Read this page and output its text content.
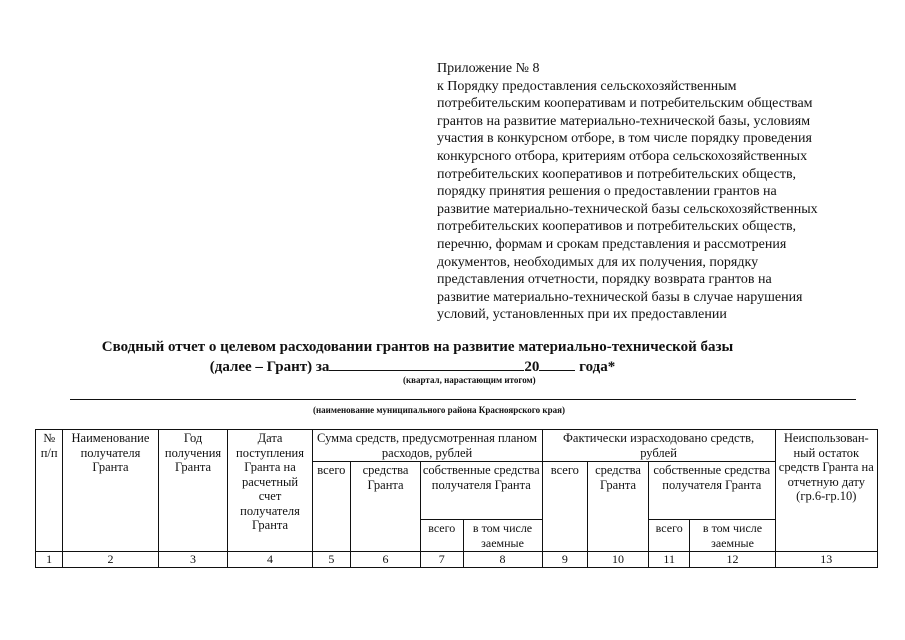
Приложение № 8
к Порядку предоставления сельскохозяйственным
потребительским кооперативам и потребительским обществам
грантов на развитие материально-технической базы, условиям
участия в конкурсном отборе, в том числе порядку проведения
конкурсного отбора, критериям отбора сельскохозяйственных
потребительских кооперативов и потребительских обществ,
порядку принятия решения о предоставлении грантов на
развитие материально-технической базы сельскохозяйственных
потребительских кооперативов и потребительских обществ,
перечню, формам и срокам представления и рассмотрения
документов, необходимых для их получения, порядку
представления отчетности, порядку возврата грантов на
развитие материально-технической базы в случае нарушения
условий, установленных при их предоставлении
Сводный отчет о целевом расходовании грантов на развитие материально-технической базы
(далее – Грант) за	20	года*
(квартал, нарастающим итогом)
(наименование муниципального района Красноярского края)
№ п/п	Наименование получателя Гранта	Год получения Гранта	Дата поступления Гранта на расчетный счет получателя Гранта	Сумма средств, предусмотренная планом расходов, рублей				Фактически израсходовано средств, рублей				Неиспользован-ный остаток средств Гранта на отчетную дату (гр.6-гр.10)
				всего	средства Гранта	собственные средства получателя Гранта		всего	средства Гранта	собственные средства получателя Гранта		
						всего	в том числе заемные			всего	в том числе заемные	
1	2	3	4	5	6	7	8	9	10	11	12	13
